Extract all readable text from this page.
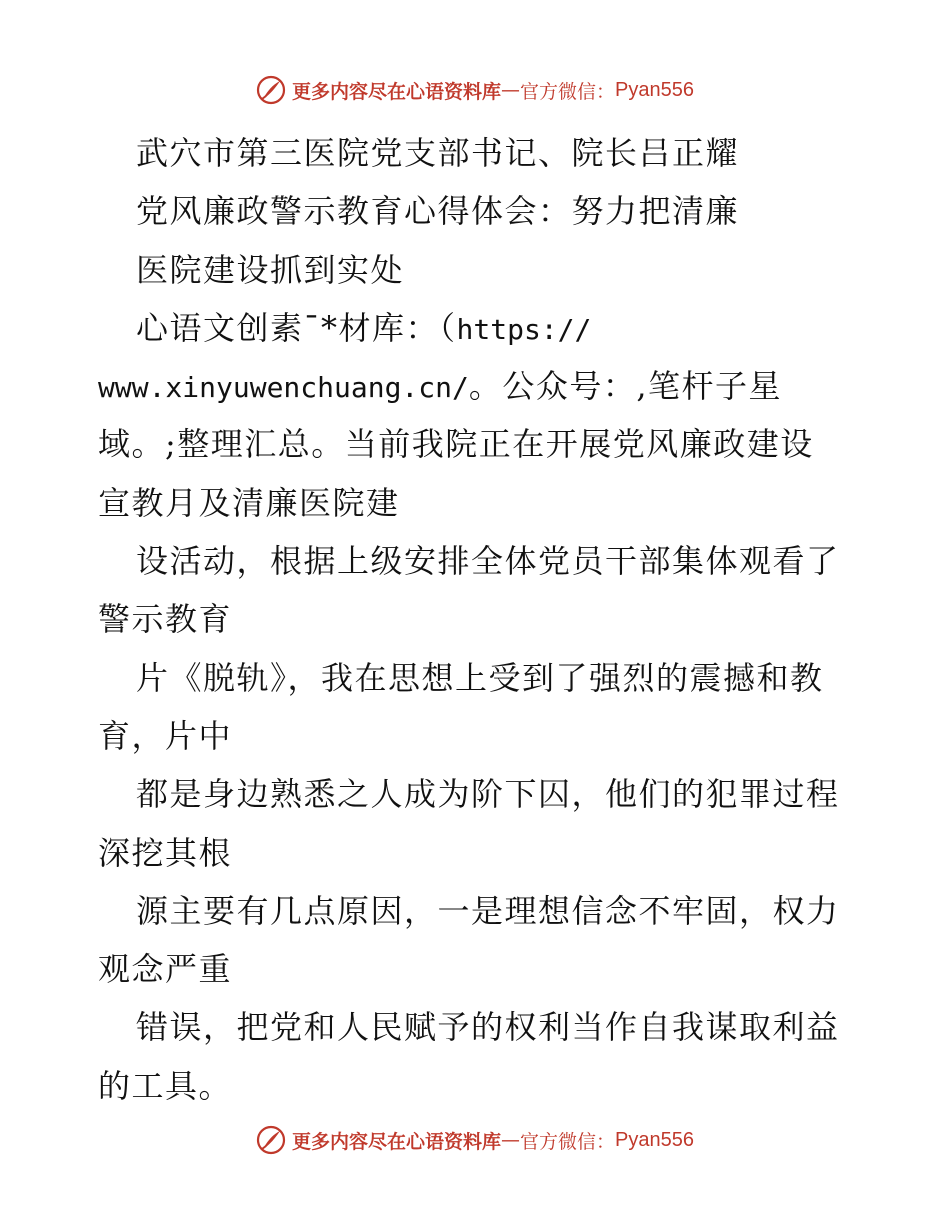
更多内容尽在心语资料库 — 官方微信： Pyan556
武穴市第三医院党支部书记、院长吕正耀
党风廉政警示教育心得体会：努力把清廉
医院建设抓到实处
心语文创素¯*材库：（https://
www.xinyuwenchuang.cn/。公众号：,笔杆子星
域。;整理汇总。当前我院正在开展党风廉政建设
宣教月及清廉医院建
设活动，根据上级安排全体党员干部集体观看了
警示教育
片《脱轨》，我在思想上受到了强烈的震撼和教
育，片中
都是身边熟悉之人成为阶下囚，他们的犯罪过程
深挖其根
源主要有几点原因，一是理想信念不牢固，权力
观念严重
错误，把党和人民赋予的权利当作自我谋取利益
的工具。
更多内容尽在心语资料库 — 官方微信： Pyan556
